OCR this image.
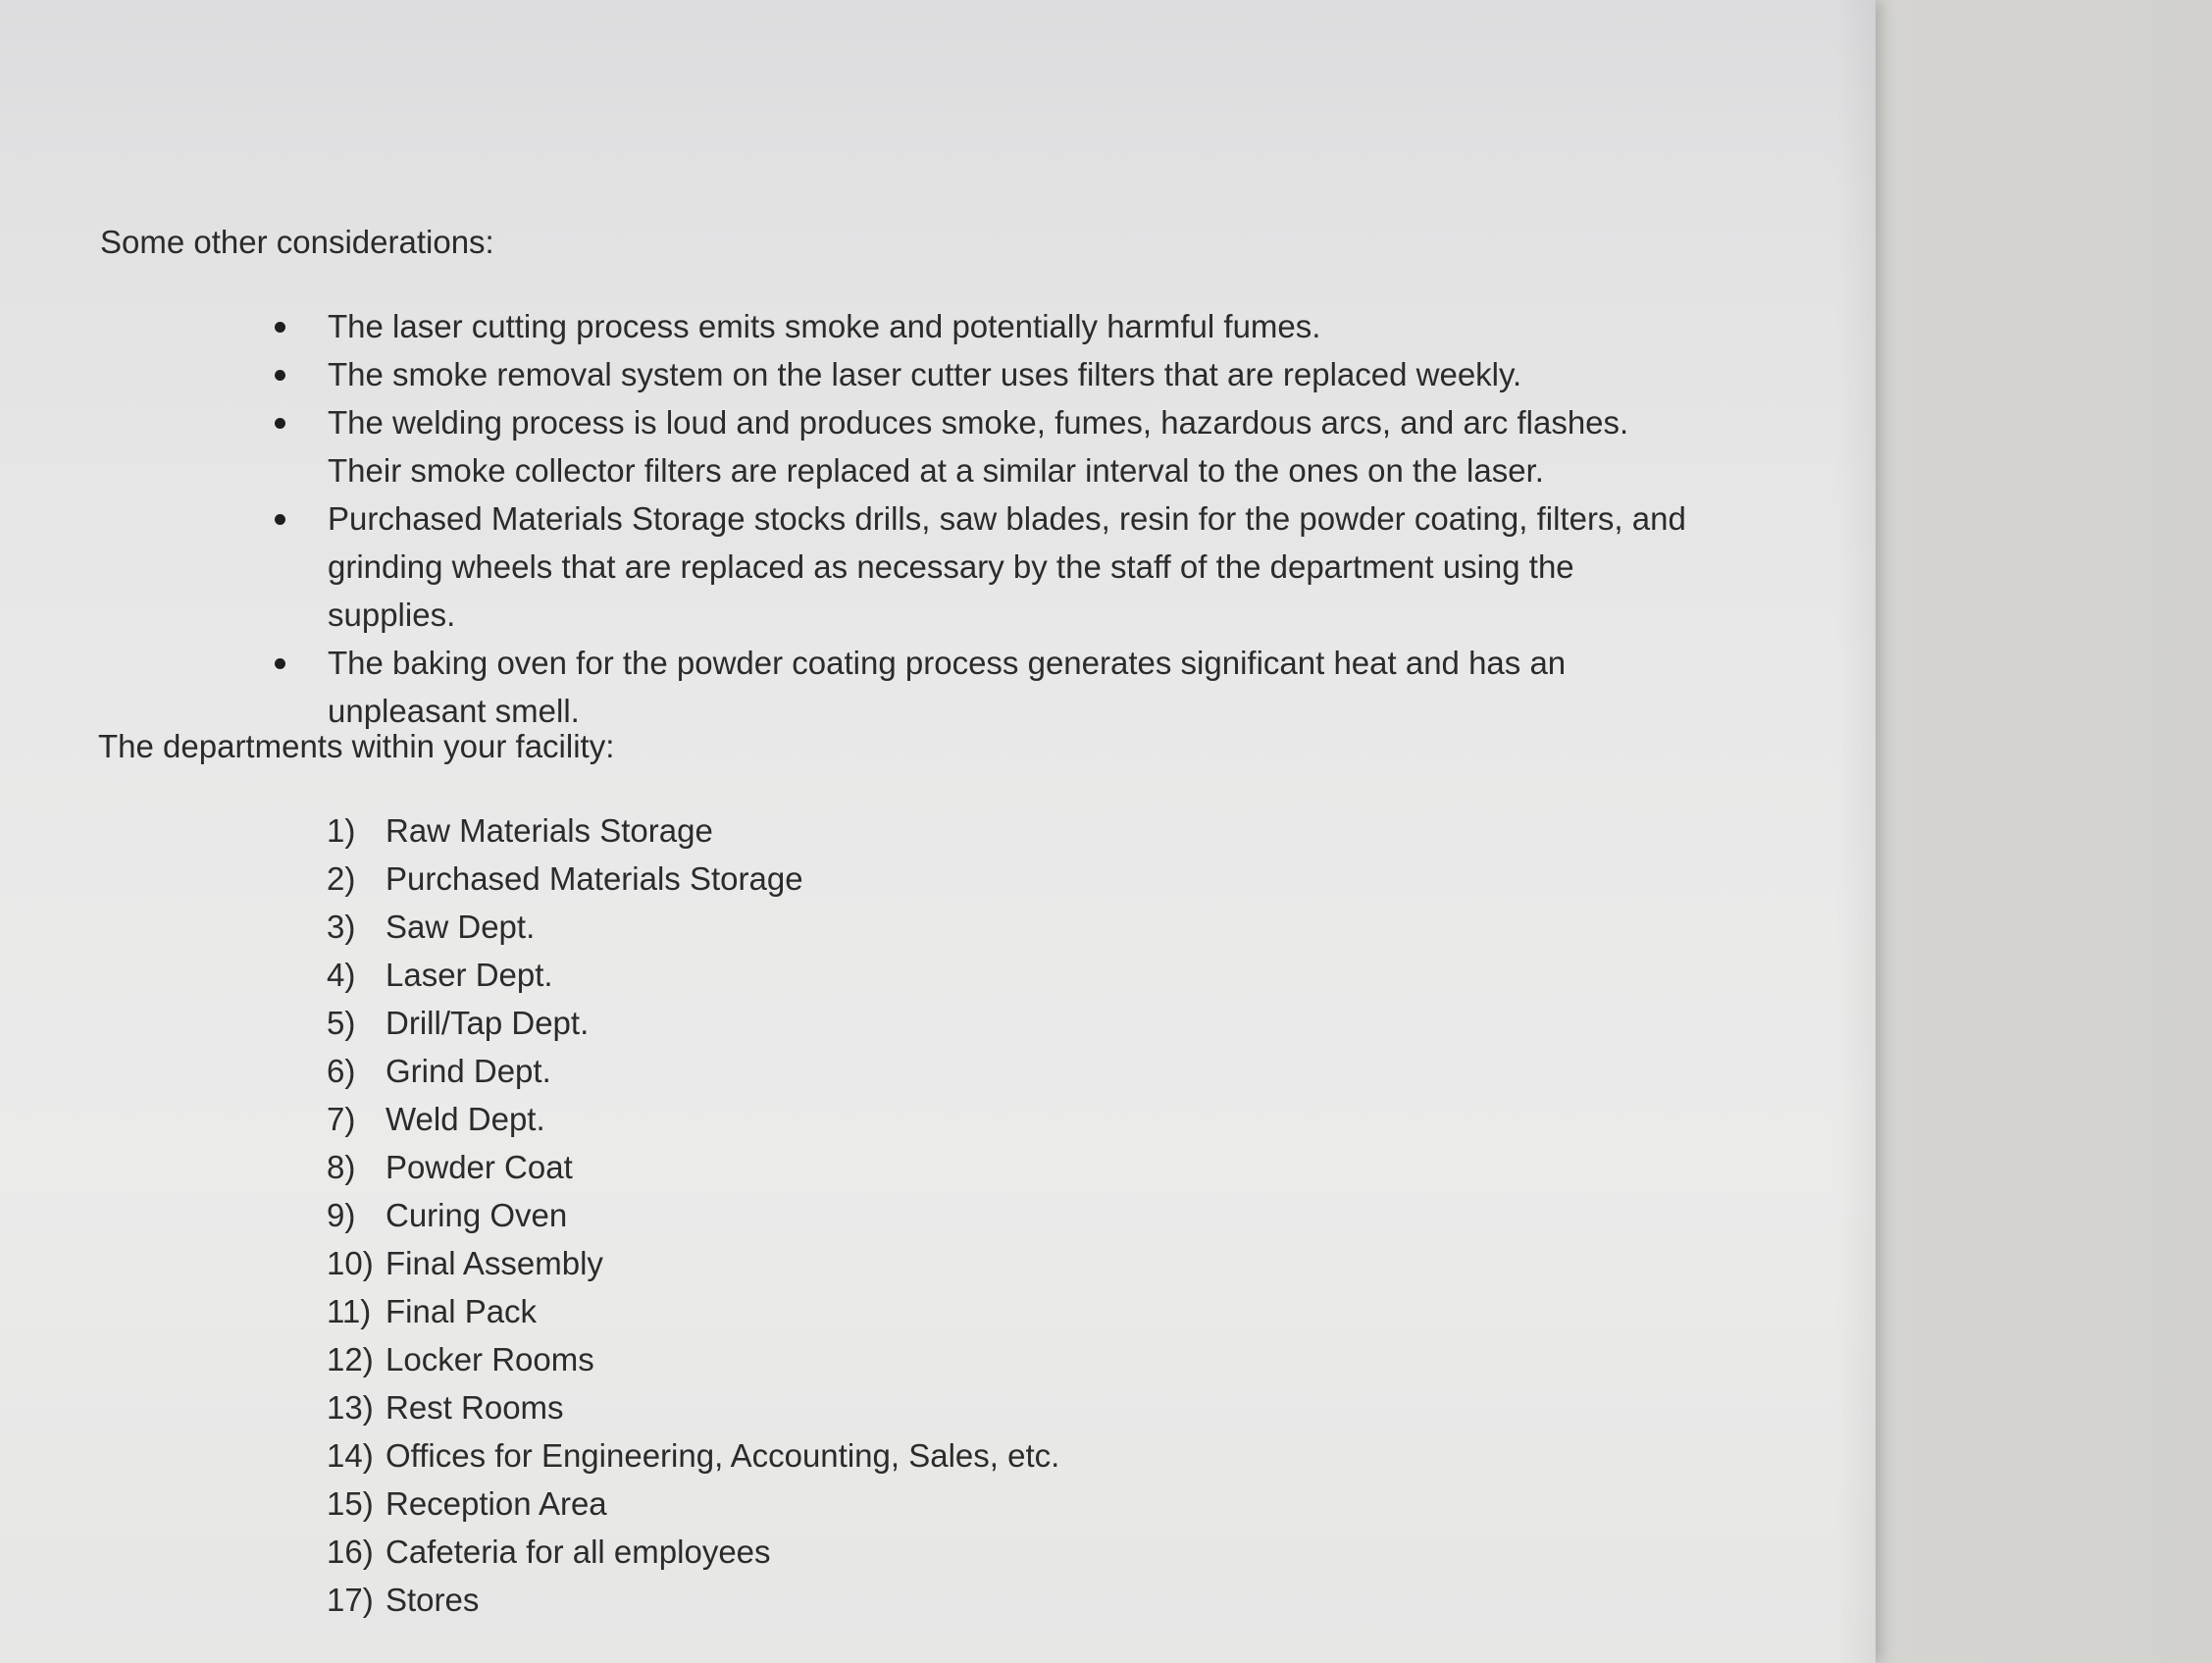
Some other considerations:
The laser cutting process emits smoke and potentially harmful fumes.
The smoke removal system on the laser cutter uses filters that are replaced weekly.
The welding process is loud and produces smoke, fumes, hazardous arcs, and arc flashes. Their smoke collector filters are replaced at a similar interval to the ones on the laser.
Purchased Materials Storage stocks drills, saw blades, resin for the powder coating, filters, and grinding wheels that are replaced as necessary by the staff of the department using the supplies.
The baking oven for the powder coating process generates significant heat and has an unpleasant smell.
The departments within your facility:
1) Raw Materials Storage
2) Purchased Materials Storage
3) Saw Dept.
4) Laser Dept.
5) Drill/Tap Dept.
6) Grind Dept.
7) Weld Dept.
8) Powder Coat
9) Curing Oven
10) Final Assembly
11) Final Pack
12) Locker Rooms
13) Rest Rooms
14) Offices for Engineering, Accounting, Sales, etc.
15) Reception Area
16) Cafeteria for all employees
17) Stores
